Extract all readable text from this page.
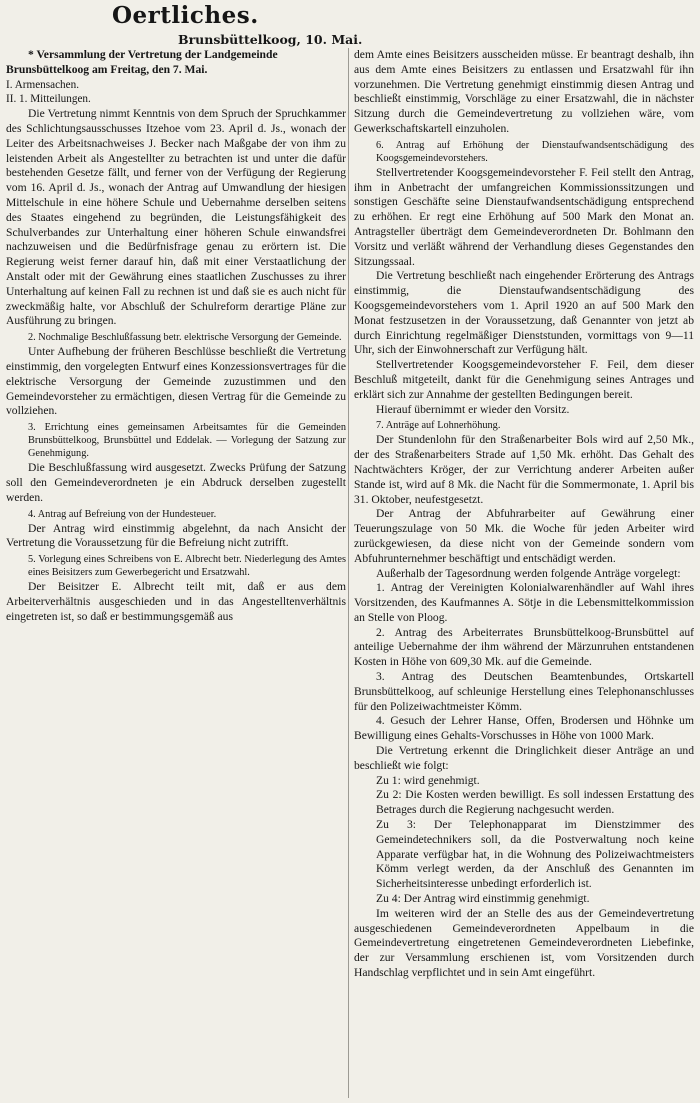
Oertliches.
Brunsbüttelkoog, 10. Mai.

* Versammlung der Vertretung der Landgemeinde

Brunsbüttelkoog am Freitag, den 7. Mai.

I. Armensachen.

II. 1. Mitteilungen.

Die Vertretung nimmt Kenntnis von dem Spruch der Spruchkammer des Schlichtungsausschusses Itzehoe vom 23. April d. Js., wonach der Leiter des Arbeitsnachweises J. Becker nach Maßgabe der von ihm zu leistenden Arbeit als Angestellter zu betrachten ist und unter die dafür bestehenden Gesetze fällt, und ferner von der Verfügung der Regierung vom 16. April d. Js., wonach der Antrag auf Umwandlung der hiesigen Mittelschule in eine höhere Schule und Uebernahme derselben seitens des Staates eingehend zu begründen, die Leistungsfähigkeit des Schulverbandes zur Unterhaltung einer höheren Schule einwandsfrei nachzuweisen und die Bedürfnisfrage genau zu erörtern ist. Die Regierung weist ferner darauf hin, daß mit einer Verstaatlichung der Anstalt oder mit der Gewährung eines staatlichen Zuschusses zu ihrer Unterhaltung auf keinen Fall zu rechnen ist und daß sie es auch nicht für zweckmäßig halte, vor Abschluß der Schulreform derartige Pläne zur Ausführung zu bringen.

2. Nochmalige Beschlußfassung betr. elektrische Versorgung der Gemeinde.

Unter Aufhebung der früheren Beschlüsse beschließt die Vertretung einstimmig, den vorgelegten Entwurf eines Konzessionsvertrages für die elektrische Versorgung der Gemeinde zuzustimmen und den Gemeindevorsteher zu ermächtigen, diesen Vertrag für die Gemeinde zu vollziehen.

3. Errichtung eines gemeinsamen Arbeitsamtes für die Gemeinden Brunsbüttelkoog, Brunsbüttel und Eddelak. — Vorlegung der Satzung zur Genehmigung.

Die Beschlußfassung wird ausgesetzt. Zwecks Prüfung der Satzung soll den Gemeindeverordneten je ein Abdruck derselben zugestellt werden.

4. Antrag auf Befreiung von der Hundesteuer.

Der Antrag wird einstimmig abgelehnt, da nach Ansicht der Vertretung die Voraussetzung für die Befreiung nicht zutrifft.

5. Vorlegung eines Schreibens von E. Albrecht betr. Niederlegung des Amtes eines Beisitzers zum Gewerbegericht und Ersatzwahl.

Der Beisitzer E. Albrecht teilt mit, daß er aus dem Arbeiterverhältnis ausgeschieden und in das Angestelltenverhältnis eingetreten ist, so daß er bestimmungsgemäß aus

dem Amte eines Beisitzers ausscheiden müsse. Er beantragt deshalb, ihn aus dem Amte eines Beisitzers zu entlassen und Ersatzwahl für ihn vorzunehmen. Die Vertretung genehmigt einstimmig diesen Antrag und beschließt einstimmig, Vorschläge zu einer Ersatzwahl, die in nächster Sitzung durch die Gemeindevertretung zu vollziehen wäre, vom Gewerkschaftskartell einzuholen.

6. Antrag auf Erhöhung der Dienstaufwandsentschädigung des Koogsgemeindevorstehers.

Stellvertretender Koogsgemeindevorsteher F. Feil stellt den Antrag, ihm in Anbetracht der umfangreichen Kommissionssitzungen und sonstigen Geschäfte seine Dienstaufwandsentschädigung entsprechend zu erhöhen. Er regt eine Erhöhung auf 500 Mark den Monat an. Antragsteller überträgt dem Gemeindeverordneten Dr. Bohlmann den Vorsitz und verläßt während der Verhandlung dieses Gegenstandes den Sitzungssaal.

Die Vertretung beschließt nach eingehender Erörterung des Antrags einstimmig, die Dienstaufwandsentschädigung des Koogsgemeindevorstehers vom 1. April 1920 an auf 500 Mark den Monat festzusetzen in der Voraussetzung, daß Genannter von jetzt ab durch Einrichtung regelmäßiger Dienststunden, vormittags von 9—11 Uhr, sich der Einwohnerschaft zur Verfügung hält.

Stellvertretender Koogsgemeindevorsteher F. Feil, dem dieser Beschluß mitgeteilt, dankt für die Genehmigung seines Antrages und erklärt sich zur Annahme der gestellten Bedingungen bereit.

Hierauf übernimmt er wieder den Vorsitz.

7. Anträge auf Lohnerhöhung.

Der Stundenlohn für den Straßenarbeiter Bols wird auf 2,50 Mk., der des Straßenarbeiters Strade auf 1,50 Mk. erhöht. Das Gehalt des Nachtwächters Kröger, der zur Verrichtung anderer Arbeiten außer Stande ist, wird auf 8 Mk. die Nacht für die Sommermonate, 1. April bis 31. Oktober, neufestgesetzt.

Der Antrag der Abfuhrarbeiter auf Gewährung einer Teuerungszulage von 50 Mk. die Woche für jeden Arbeiter wird zurückgewiesen, da diese nicht von der Gemeinde sondern vom Abfuhrunternehmer beschäftigt und entschädigt werden.

Außerhalb der Tagesordnung werden folgende Anträge vorgelegt:

1. Antrag der Vereinigten Kolonialwarenhändler auf Wahl ihres Vorsitzenden, des Kaufmannes A. Sötje in die Lebensmittelkommission an Stelle von Ploog.

2. Antrag des Arbeiterrates Brunsbüttelkoog-Brunsbüttel auf anteilige Uebernahme der ihm während der Märzunruhen entstandenen Kosten in Höhe von 609,30 Mk. auf die Gemeinde.

3. Antrag des Deutschen Beamtenbundes, Ortskartell Brunsbüttelkoog, auf schleunige Herstellung eines Telephonanschlusses für den Polizeiwachtmeister Kömm.

4. Gesuch der Lehrer Hanse, Offen, Brodersen und Höhnke um Bewilligung eines Gehalts-Vorschusses in Höhe von 1000 Mark.

Die Vertretung erkennt die Dringlichkeit dieser Anträge an und beschließt wie folgt:

Zu 1: wird genehmigt.

Zu 2: Die Kosten werden bewilligt. Es soll indessen Erstattung des Betrages durch die Regierung nachgesucht werden.

Zu 3: Der Telephonapparat im Dienstzimmer des Gemeindetechnikers soll, da die Postverwaltung noch keine Apparate verfügbar hat, in die Wohnung des Polizeiwachtmeisters Kömm verlegt werden, da der Anschluß des Genannten im Sicherheitsinteresse unbedingt erforderlich ist.

Zu 4: Der Antrag wird einstimmig genehmigt.

Im weiteren wird der an Stelle des aus der Gemeindevertretung ausgeschiedenen Gemeindeverordneten Appelbaum in die Gemeindevertretung eingetretenen Gemeindeverordneten Liebefinke, der zur Versammlung erschienen ist, vom Vorsitzenden durch Handschlag verpflichtet und in sein Amt eingeführt.
